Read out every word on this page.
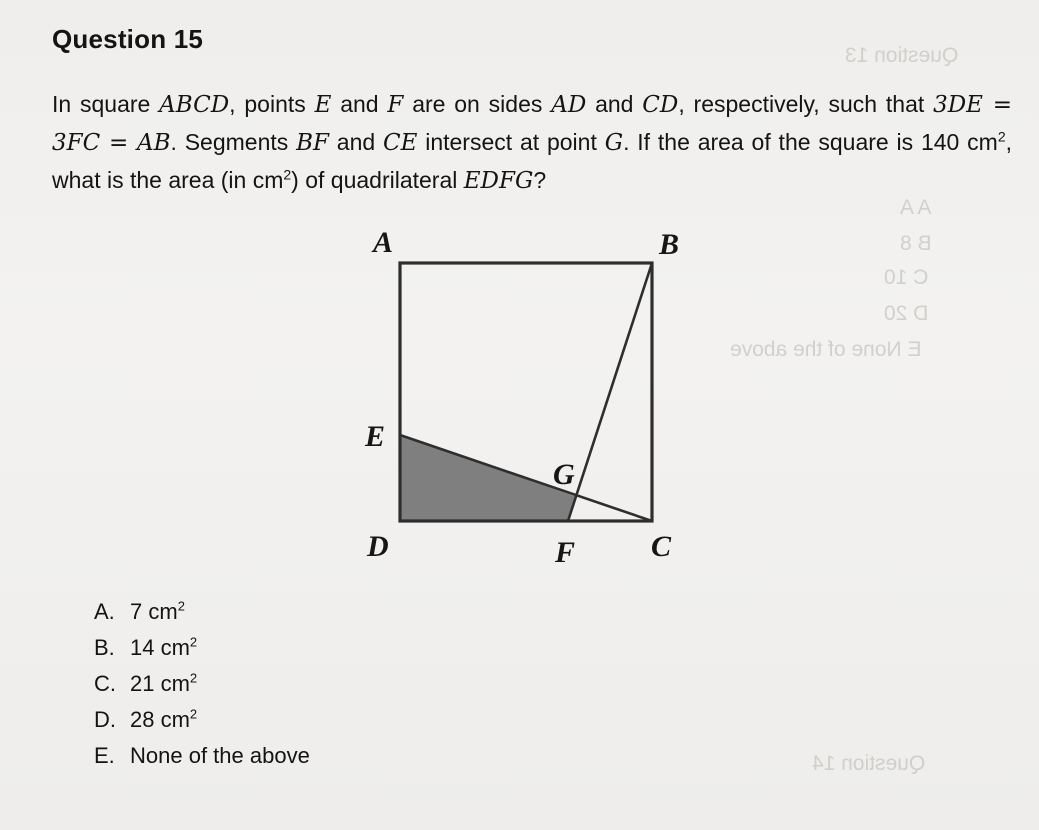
Question 13
A A
B 8
C 10
D 20
E None of the above
Question 14
Question 15
In square ABCD, points E and F are on sides AD and CD, respectively, such that 3DE = 3FC = AB. Segments BF and CE intersect at point G. If the area of the square is 140 $cm^2$, what is the area (in $cm^2$) of quadrilateral EDFG?
A	B
E
G
D	F	C
A. 7 $cm^2$
B. 14 $cm^2$
C. 21 $cm^2$
D. 28 $cm^2$
E. None of the above
